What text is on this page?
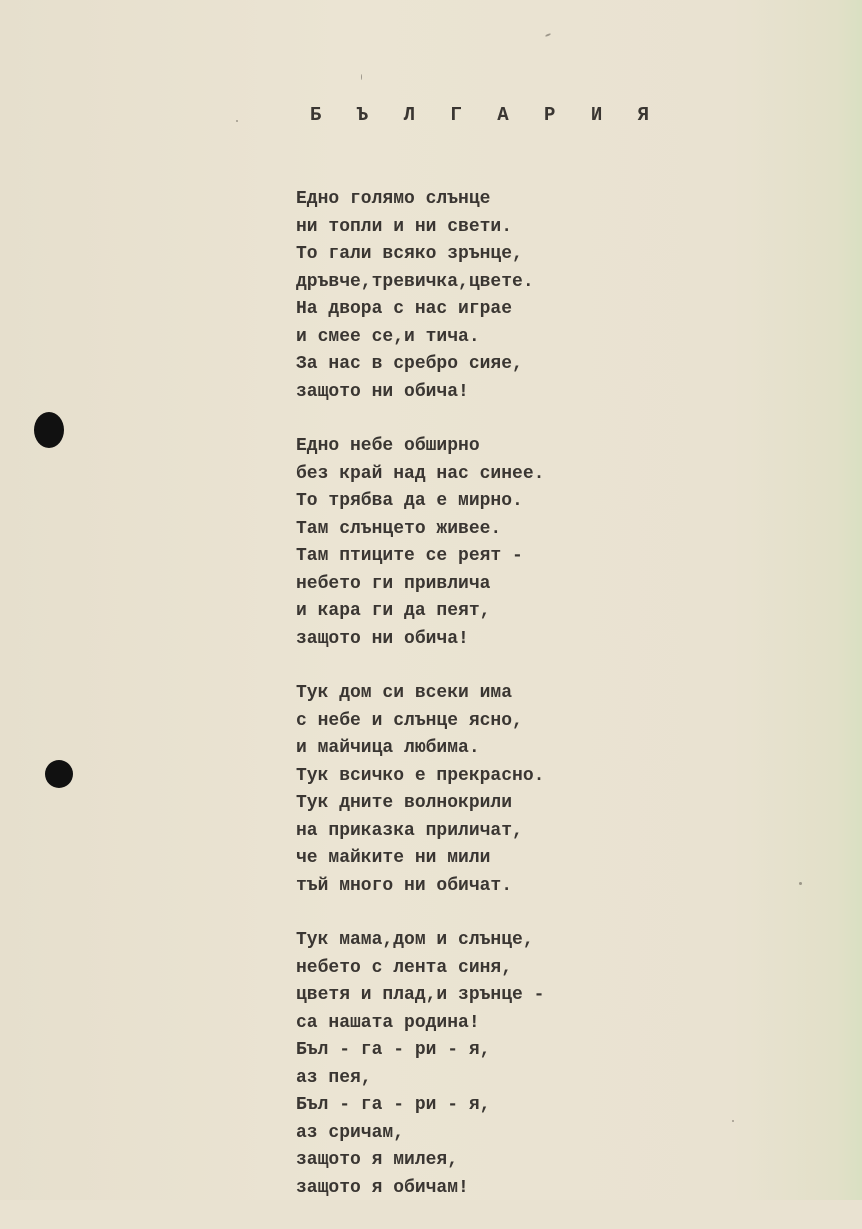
Б Ъ Л Г А Р И Я
Едно голямо слънце
ни топли и ни свети.
То гали всяко зрънце,
дръвче,тревичка,цвете.
На двора с нас играе
и смее се,и тича.
За нас в сребро сияе,
защото ни обича!
Едно небе обширно
без край над нас синее.
То трябва да е мирно.
Там слънцето живее.
Там птиците се реят -
небето ги привлича
и кара ги да пеят,
защото ни обича!
Тук дом си всеки има
с небе и слънце ясно,
и майчица любима.
Тук всичко е прекрасно.
Тук дните волнокрили
на приказка приличат,
че майките ни мили
тъй много ни обичат.
Тук мама,дом и слънце,
небето с лента синя,
цветя и плад,и зрънце -
са нашата родина!
Бъл - га - ри - я,
аз пея,
Бъл - га - ри - я,
аз сричам,
защото я милея,
защото я обичам!
